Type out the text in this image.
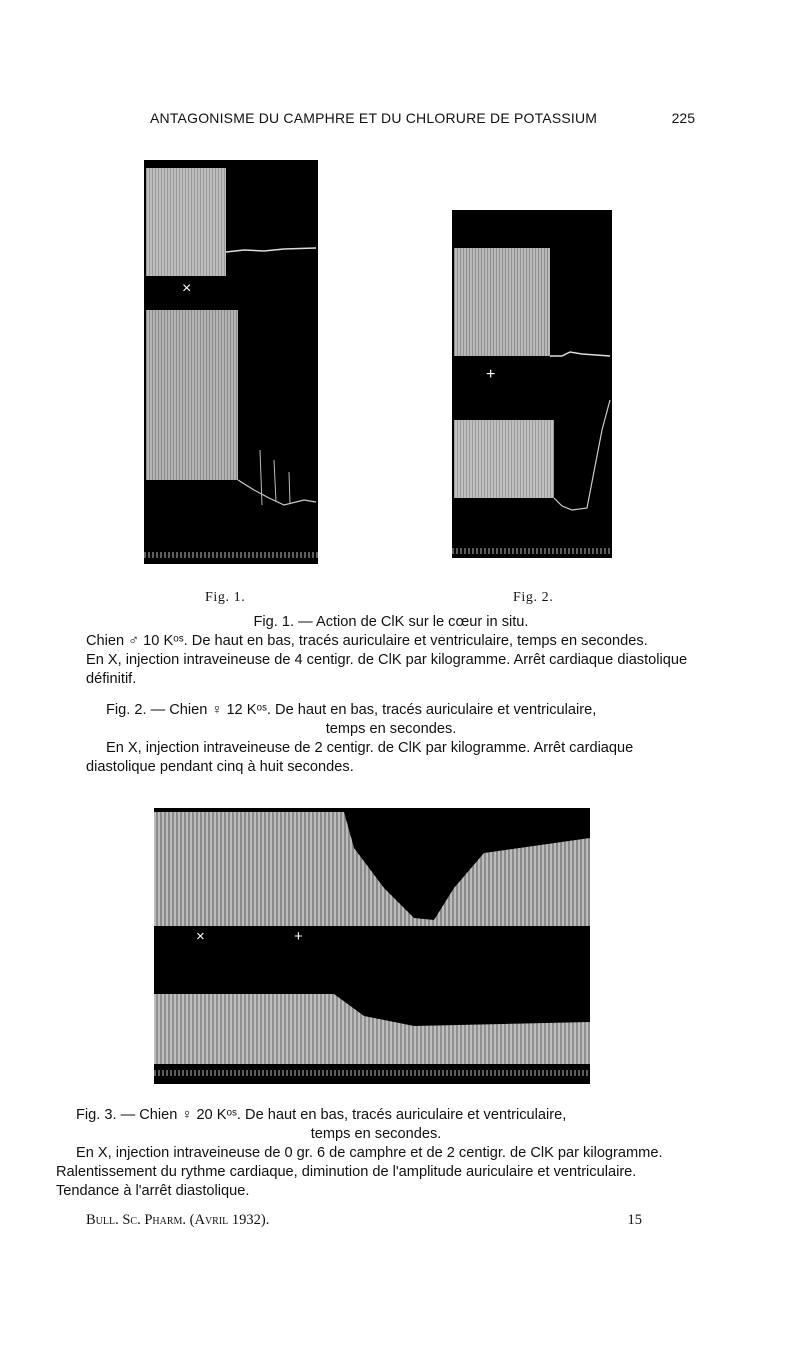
ANTAGONISME DU CAMPHRE ET DU CHLORURE DE POTASSIUM	225
×
+
Fig. 1.	Fig. 2.

Fig. 1. — Action de ClK sur le cœur in situ.

Chien ♂ 10 Kᵒˢ. De haut en bas, tracés auriculaire et ventriculaire, temps en secondes.

En X, injection intraveineuse de 4 centigr. de ClK par kilogramme. Arrêt cardiaque diastolique définitif.

Fig. 2. — Chien ♀ 12 Kᵒˢ. De haut en bas, tracés auriculaire et ventriculaire,

temps en secondes.

En X, injection intraveineuse de 2 centigr. de ClK par kilogramme. Arrêt cardiaque diastolique pendant cinq à huit secondes.

×	+

Fig. 3. — Chien ♀ 20 Kᵒˢ. De haut en bas, tracés auriculaire et ventriculaire,

temps en secondes.

En X, injection intraveineuse de 0 gr. 6 de camphre et de 2 centigr. de ClK par kilogramme. Ralentissement du rythme cardiaque, diminution de l'amplitude auriculaire et ventriculaire. Tendance à l'arrêt diastolique.

Bull. Sc. Pharm. (Avril 1932).	15
